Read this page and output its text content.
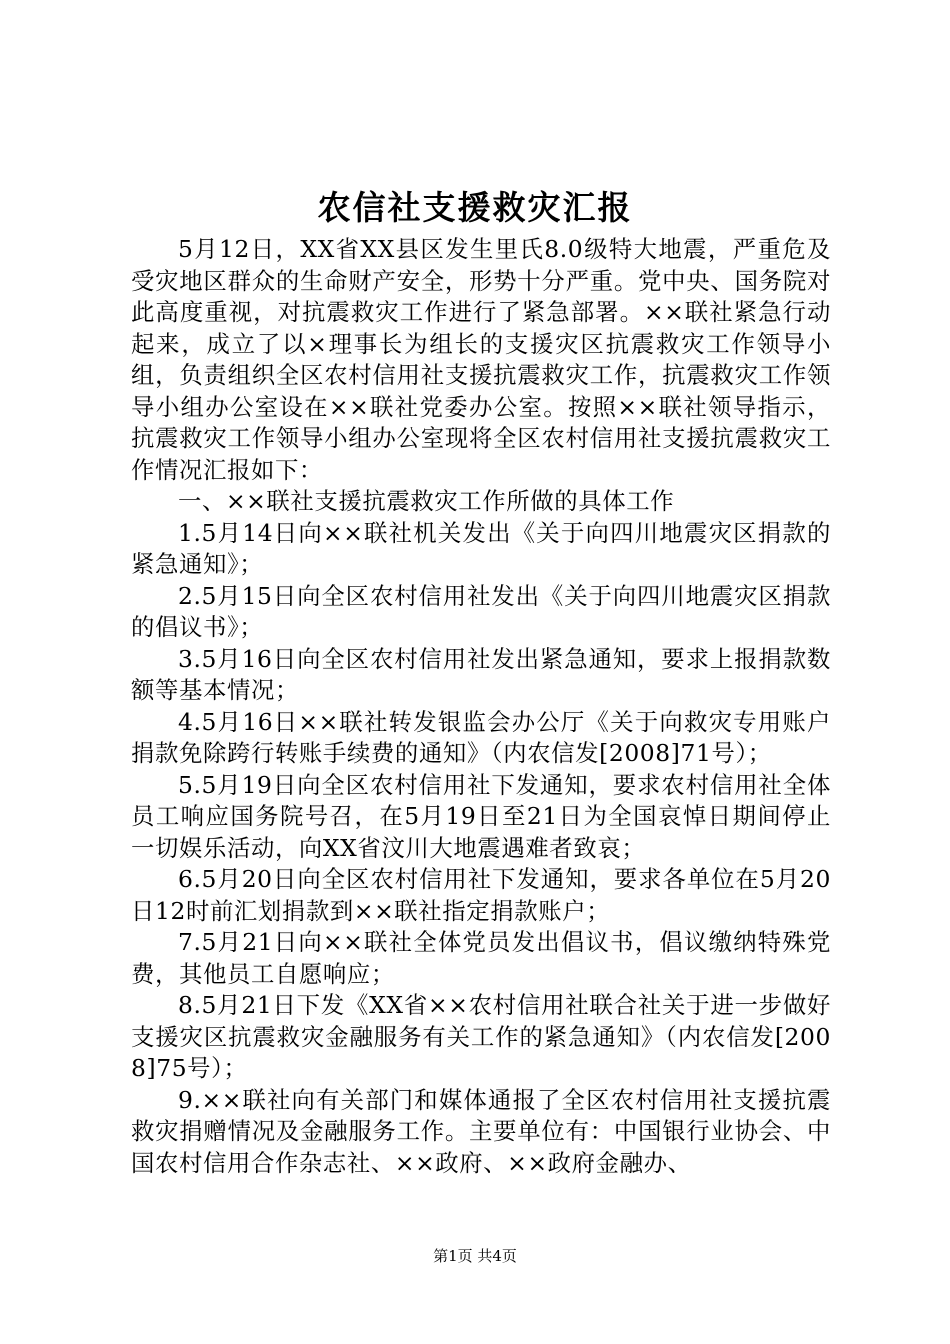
农信社支援救灾汇报

5月12日，XX省XX县区发生里氏8.0级特大地震，严重危及受灾地区群众的生命财产安全，形势十分严重。党中央、国务院对此高度重视，对抗震救灾工作进行了紧急部署。××联社紧急行动起来，成立了以×理事长为组长的支援灾区抗震救灾工作领导小组，负责组织全区农村信用社支援抗震救灾工作，抗震救灾工作领导小组办公室设在××联社党委办公室。按照××联社领导指示，抗震救灾工作领导小组办公室现将全区农村信用社支援抗震救灾工作情况汇报如下：

一、××联社支援抗震救灾工作所做的具体工作

1.5月14日向××联社机关发出《关于向四川地震灾区捐款的紧急通知》；

2.5月15日向全区农村信用社发出《关于向四川地震灾区捐款的倡议书》；

3.5月16日向全区农村信用社发出紧急通知，要求上报捐款数额等基本情况；

4.5月16日××联社转发银监会办公厅《关于向救灾专用账户捐款免除跨行转账手续费的通知》（内农信发[2008]71号）；

5.5月19日向全区农村信用社下发通知，要求农村信用社全体员工响应国务院号召，在5月19日至21日为全国哀悼日期间停止一切娱乐活动，向XX省汶川大地震遇难者致哀；

6.5月20日向全区农村信用社下发通知，要求各单位在5月20日12时前汇划捐款到××联社指定捐款账户；

7.5月21日向××联社全体党员发出倡议书，倡议缴纳特殊党费，其他员工自愿响应；

8.5月21日下发《XX省××农村信用社联合社关于进一步做好支援灾区抗震救灾金融服务有关工作的紧急通知》（内农信发[2008]75号）；

9.××联社向有关部门和媒体通报了全区农村信用社支援抗震救灾捐赠情况及金融服务工作。主要单位有：中国银行业协会、中国农村信用合作杂志社、××政府、××政府金融办、

第1页 共4页
